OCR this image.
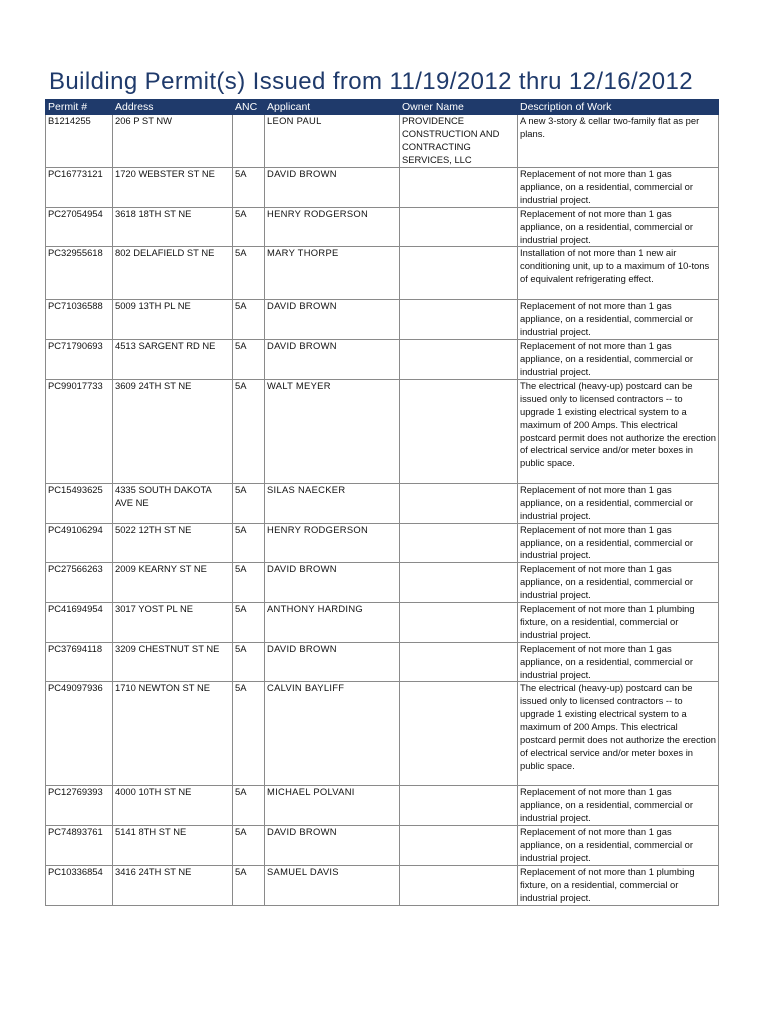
Building Permit(s) Issued from 11/19/2012 thru 12/16/2012
Permit #	Address	ANC	Applicant	Owner Name	Description of Work
B1214255	206 P ST NW		LEON PAUL	PROVIDENCE CONSTRUCTION AND CONTRACTING SERVICES, LLC	A new 3-story & cellar two-family flat as per plans.
PC16773121	1720 WEBSTER ST NE	5A	DAVID BROWN		Replacement of not more than 1 gas appliance, on a residential, commercial or industrial project.
PC27054954	3618 18TH ST NE	5A	HENRY RODGERSON		Replacement of not more than 1 gas appliance, on a residential, commercial or industrial project.
PC32955618	802 DELAFIELD ST NE	5A	MARY THORPE		Installation of not more than 1 new air conditioning unit, up to a maximum of 10-tons of equivalent refrigerating effect.
PC71036588	5009 13TH PL NE	5A	DAVID BROWN		Replacement of not more than 1 gas appliance, on a residential, commercial or industrial project.
PC71790693	4513 SARGENT RD NE	5A	DAVID BROWN		Replacement of not more than 1 gas appliance, on a residential, commercial or industrial project.
PC99017733	3609 24TH ST NE	5A	WALT MEYER		The electrical (heavy-up) postcard can be issued only to licensed contractors -- to upgrade 1 existing electrical system to a maximum of 200 Amps. This electrical postcard permit does not authorize the erection of electrical service and/or meter boxes in public space.
PC15493625	4335 SOUTH DAKOTA AVE NE	5A	SILAS NAECKER		Replacement of not more than 1 gas appliance, on a residential, commercial or industrial project.
PC49106294	5022 12TH ST NE	5A	HENRY RODGERSON		Replacement of not more than 1 gas appliance, on a residential, commercial or industrial project.
PC27566263	2009 KEARNY ST NE	5A	DAVID BROWN		Replacement of not more than 1 gas appliance, on a residential, commercial or industrial project.
PC41694954	3017 YOST PL NE	5A	ANTHONY HARDING		Replacement of not more than 1 plumbing fixture, on a residential, commercial or industrial project.
PC37694118	3209 CHESTNUT ST NE	5A	DAVID BROWN		Replacement of not more than 1 gas appliance, on a residential, commercial or industrial project.
PC49097936	1710 NEWTON ST NE	5A	CALVIN BAYLIFF		The electrical (heavy-up) postcard can be issued only to licensed contractors -- to upgrade 1 existing electrical system to a maximum of 200 Amps. This electrical postcard permit does not authorize the erection of electrical service and/or meter boxes in public space.
PC12769393	4000 10TH ST NE	5A	MICHAEL POLVANI		Replacement of not more than 1 gas appliance, on a residential, commercial or industrial project.
PC74893761	5141 8TH ST NE	5A	DAVID BROWN		Replacement of not more than 1 gas appliance, on a residential, commercial or industrial project.
PC10336854	3416 24TH ST NE	5A	SAMUEL DAVIS		Replacement of not more than 1 plumbing fixture, on a residential, commercial or industrial project.
